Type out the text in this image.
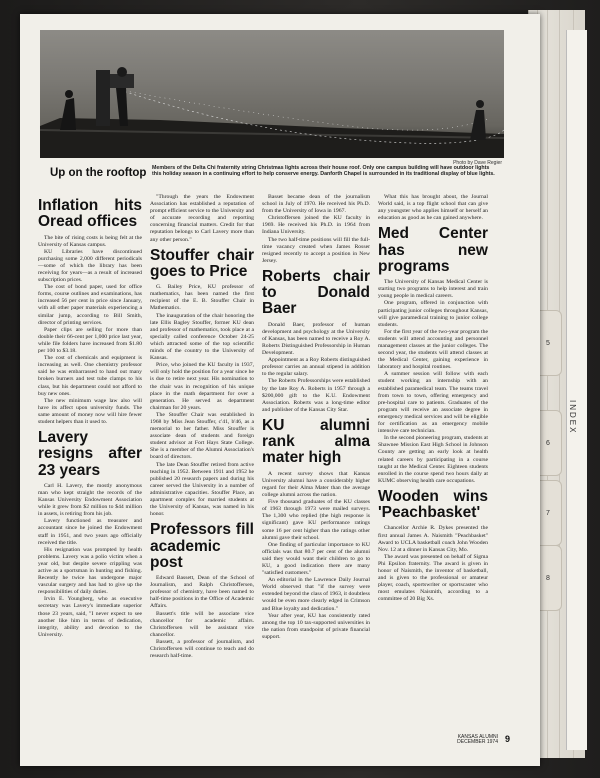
5
6
7
8
INDEX
Photo by Dave Regier
Up on the rooftop Members of the Delta Chi fraternity string Christmas lights across their house roof. Only one campus building will have outdoor lights this holiday season in a continuing effort to help conserve energy. Danforth Chapel is surrounded in its traditional display of blue lights.
Inflation hits Oread offices

The bite of rising costs is being felt at the University of Kansas campus.

KU Libraries have discontinued purchasing some 2,000 different periodicals—some of which the library has been receiving for years—as a result of increased subscription prices.

The cost of bond paper, used for office forms, course outlines and examinations, has increased 56 per cent in price since January, with all other paper materials experiencing a similar jump, according to Bill Smith, director of printing services.

Paper clips are selling for more than double their 66-cent per 1,000 price last year, while file folders have increased from $1.80 per 100 to $3.18.

The cost of chemicals and equipment is increasing as well. One chemistry professor said he was embarrassed to hand out many broken burners and test tube clamps to his class, but his department could not afford to buy new ones.

The new minimum wage law also will have its affect upon university funds. The same amount of money now will hire fewer student helpers than it used to.

Lavery resigns after 23 years

Carl H. Lavery, the mostly anonymous man who kept straight the records of the Kansas University Endowment Association while it grew from $2 million to $44 million in assets, is retiring from his job.

Lavery functioned as treasurer and accountant since he joined the Endowment staff in 1951, and two years ago officially received the title.

His resignation was prompted by health problems. Lavery was a polio victim when a year old, but despite severe crippling was active as a sportsman in hunting and fishing. Recently he twice has undergone major vascular surgery and has had to give up the responsibilities of daily duties.

Irvin E. Youngberg, who as executive secretary was Lavery's immediate superior those 23 years, said, "I never expect to see another like him in terms of dedication, integrity, ability and devotion to the University.

"Through the years the Endowment Association has established a reputation of prompt efficient service to the University and of accurate recording and reporting concerning financial matters. Credit for that reputation belongs to Carl Lavery more than any other person."

Stouffer chair goes to Price

G. Bailey Price, KU professor of mathematics, has been named the first recipient of the E. B. Stouffer Chair in Mathematics.

The inauguration of the chair honoring the late Ellis Bagley Stouffer, former KU dean and professor of mathematics, took place at a specially called conference October 24-25 which attracted some of the top scientific minds of the country to the University of Kansas.

Price, who joined the KU faculty in 1937, will only hold the position for a year since he is due to retire next year. His nomination to the chair was in recognition of his unique place in the math department for over a generation. He served as department chairman for 20 years.

The Stouffer Chair was established in 1968 by Miss Jean Stouffer, c'41, b'46, as a memorial to her father. Miss Stouffer is associate dean of students and foreign student advisor at Fort Hays State College. She is a member of the Alumni Association's board of directors.

The late Dean Stouffer retired from active teaching in 1952. Between 1911 and 1952 he published 20 research papers and during his career served the University in a number of administrative capacities. Stouffer Place, an apartment complex for married students at the University of Kansas, was named in his honor.

Professors fill academic post

Edward Bassett, Dean of the School of Journalism, and Ralph Christoffersen, professor of chemistry, have been named to half-time positions in the Office of Academic Affairs.

Bassett's title will be associate vice chancellor for academic affairs. Christoffersen will be assistant vice chancellor.

Bassett, a professor of journalism, and Christoffersen will continue to teach and do research half-time.

Basset became dean of the journalism school in July of 1970. He received his Ph.D. from the University of Iowa in 1967.

Christoffersen joined the KU faculty in 1969. He received his Ph.D. in 1964 from Indiana University.

The two half-time positions will fill the full-time vacancy created when James Rosser resigned recently to accept a position in New Jersey.

Roberts chair to Donald Baer

Donald Baer, professor of human development and psychology at the University of Kansas, has been named to receive a Roy A. Roberts Distinguished Professorship in Human Development.

Appointment as a Roy Roberts distinguished professor carries an annual stipend in addition to the regular salary.

The Roberts Professorships were established by the late Roy A. Roberts in 1957 through a $200,000 gift to the K.U. Endowment Association. Roberts was a long-time editor and publisher of the Kansas City Star.

KU alumni rank alma mater high

A recent survey shows that Kansas University alumni have a considerably higher regard for their Alma Mater than the average college alumni across the nation.

Five thousand graduates of the KU classes of 1963 through 1973 were mailed surveys. The 1,300 who replied (the high response is significant) gave KU performance ratings some 16 per cent higher than the ratings other alumni gave their school.

One finding of particular importance to KU officials was that 80.7 per cent of the alumni said they would want their children to go to KU, a good indication there are many "satisfied customers."

An editorial in the Lawrence Daily Journal World observed that "if the survey were extended beyond the class of 1963, it doubtless would be even more clearly edged in Crimson and Blue loyalty and dedication."

Year after year, KU has consistently rated among the top 10 tax-supported universities in the nation from standpoint of private financial support.

What this has brought about, the Journal World said, is a top flight school that can give any youngster who applies himself or herself an education as good as he can gained anywhere.

Med Center has new programs

The University of Kansas Medical Center is starting two programs to help interest and train young people in medical careers.

One program, offered in conjunction with participating junior colleges throughout Kansas, will give paramedical training to junior college students.

For the first year of the two-year program the students will attend accounting and personnel management classes at the junior colleges. The second year, the students will attend classes at the Medical Center, gaining experience in laboratory and hospital routines.

A summer session will follow with each student working an internship with an established paramedical team. The teams travel from town to town, offering emergency and pre-hospital care to patients. Graduates of the program will receive an associate degree in emergency medical services and will be eligible for certification as an emergency mobile intensive care technician.

In the second pioneering program, students at Shawnee Mission East High School in Johnson County are getting an early look at health related careers by participating in a course taught at the Medical Center. Eighteen students enrolled in the course spend two hours daily at KUMC observing health care occupations.

Wooden wins 'Peachbasket'

Chancellor Archie R. Dykes presented the first annual James A. Naismith "Peachbasket" Award to UCLA basketball coach John Wooden Nov. 12 at a dinner in Kansas City, Mo.

The award was presented on behalf of Sigma Phi Epsilon fraternity. The award is given in honor of Naismith, the inventor of basketball, and is given to the professional or amateur player, coach, sportswriter or sportscaster who most emulates Naismith, according to a committee of 20 Big Xs.

KANSAS ALUMNI
DECEMBER 1974 9
